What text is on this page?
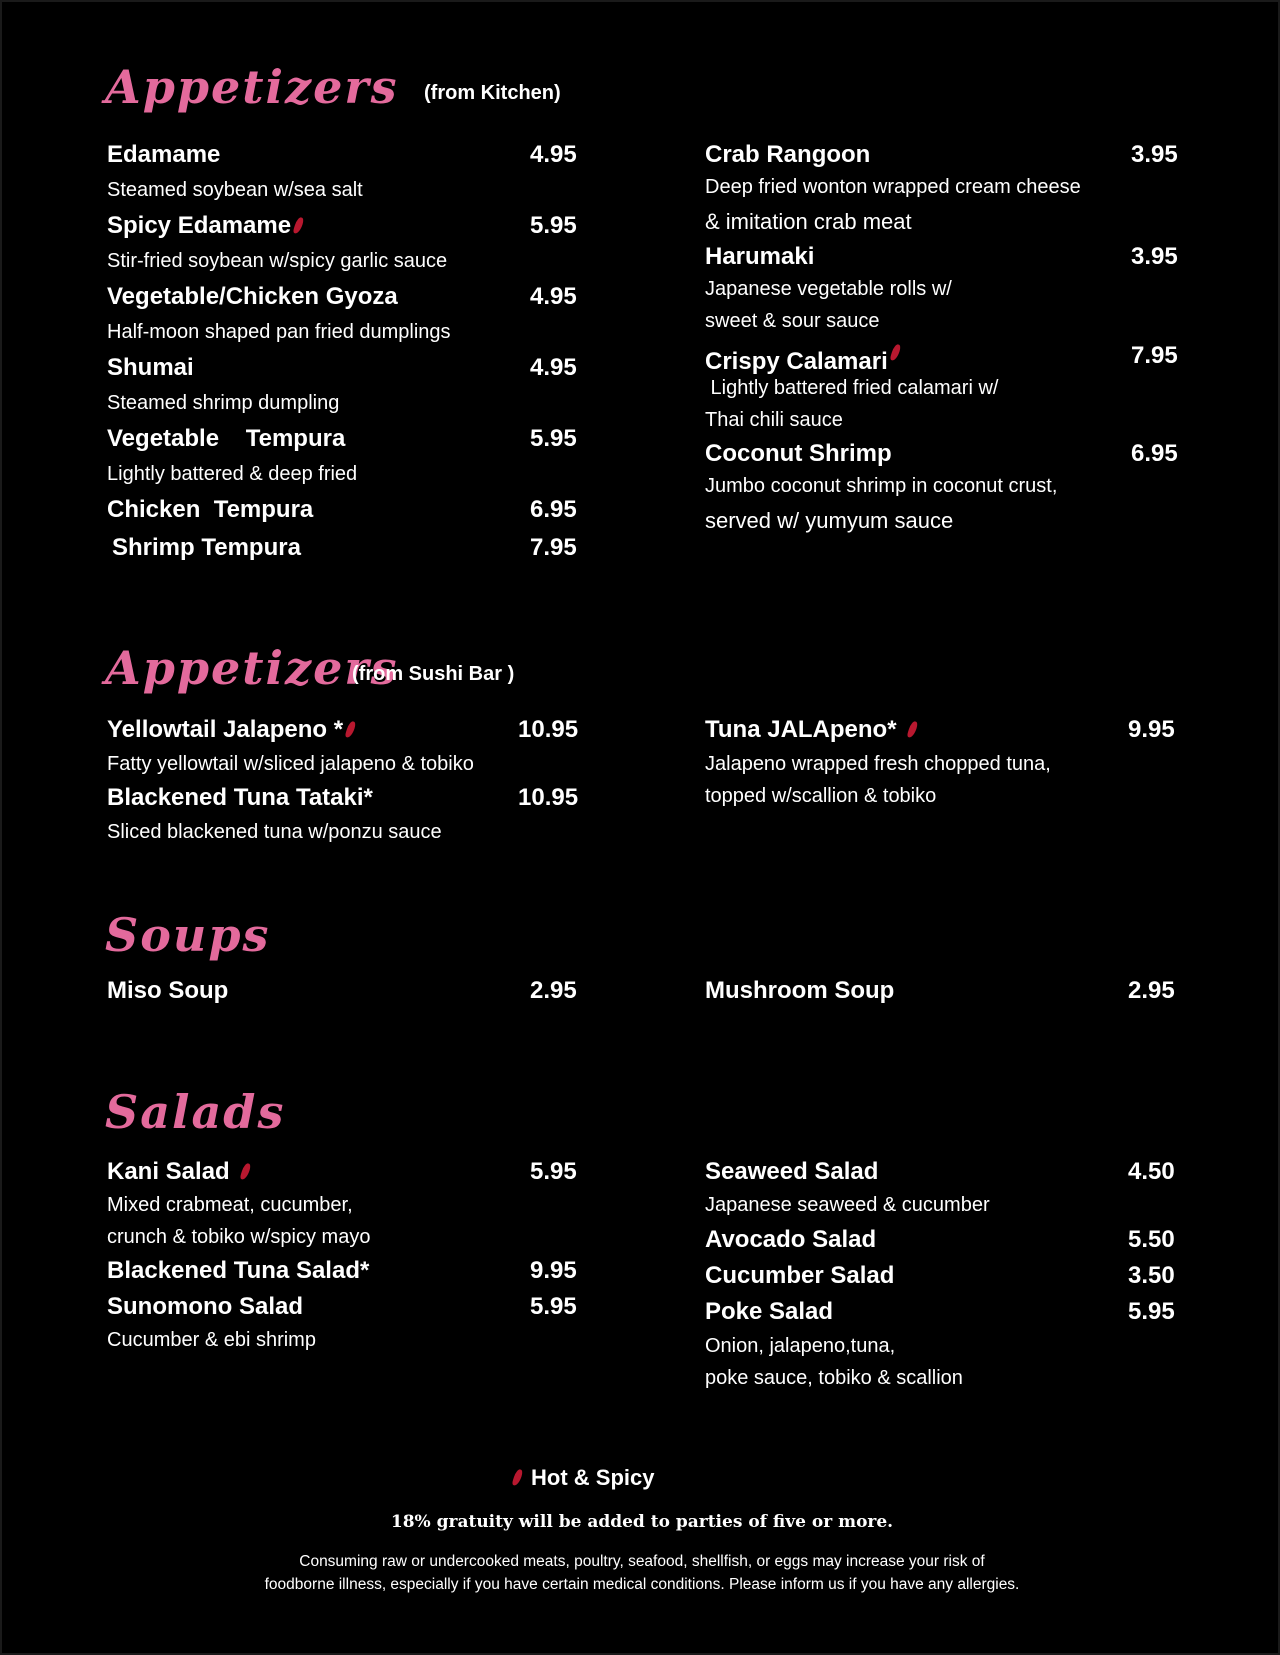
Appetizers (from Kitchen)
Edamame	4.95
Steamed soybean w/sea salt
Spicy Edamame	5.95
Stir-fried soybean w/spicy garlic sauce
Vegetable/Chicken Gyoza	4.95
Half-moon shaped pan fried dumplings
Shumai	4.95
Steamed shrimp dumpling
Vegetable    Tempura	5.95
Lightly battered & deep fried
Chicken  Tempura	6.95
Shrimp Tempura	7.95
Crab Rangoon	3.95
Deep fried wonton wrapped cream cheese
& imitation crab meat
Harumaki	3.95
Japanese vegetable rolls w/
sweet & sour sauce
Crispy Calamari	7.95
Lightly battered fried calamari w/
Thai chili sauce
Coconut Shrimp	6.95
Jumbo coconut shrimp in coconut crust,
served w/ yumyum sauce
Appetizers
(from Sushi Bar )
Yellowtail Jalapeno *	10.95
Fatty yellowtail w/sliced jalapeno & tobiko
Blackened Tuna Tataki*	10.95
Sliced blackened tuna w/ponzu sauce
Tuna JALApeno*	9.95
Jalapeno wrapped fresh chopped tuna,
topped w/scallion & tobiko
Soups
Miso Soup	2.95	Mushroom Soup	2.95
Salads
Kani Salad	5.95
Mixed crabmeat, cucumber,
crunch & tobiko w/spicy mayo
Blackened Tuna Salad*	9.95
Sunomono Salad	5.95
Cucumber & ebi shrimp
Seaweed Salad	4.50
Japanese seaweed & cucumber
Avocado Salad	5.50
Cucumber Salad	3.50
Poke Salad	5.95
Onion, jalapeno,tuna,
poke sauce, tobiko & scallion
Hot & Spicy
18% gratuity will be added to parties of five or more.
Consuming raw or undercooked meats, poultry, seafood, shellfish, or eggs may increase your risk of
foodborne illness, especially if you have certain medical conditions. Please inform us if you have any allergies.
